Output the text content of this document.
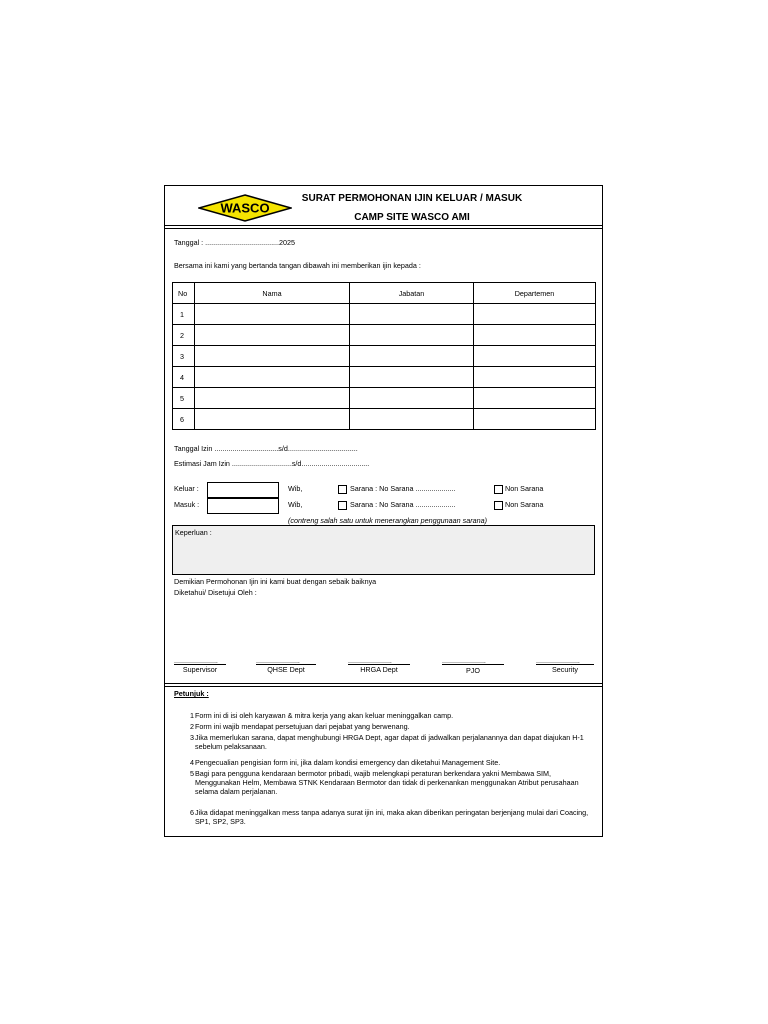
WASCO
SURAT PERMOHONAN IJIN KELUAR / MASUK
CAMP SITE WASCO AMI
Tanggal : .....................................2025
Bersama ini kami yang bertanda tangan dibawah ini memberikan ijin kepada :
No	Nama	Jabatan	Departemen
1			
2			
3			
4			
5			
6			
Tanggal Izin ................................s/d...................................
Estimasi Jam Izin ..............................s/d..................................
Keluar :	Wib,	Sarana : No Sarana ....................	Non Sarana
Masuk :	Wib,	Sarana : No Sarana ....................	Non Sarana
(contreng salah satu untuk menerangkan penggunaan sarana)
Keperluan :
Demikian Permohonan Ijin ini kami buat dengan sebaik baiknya
Diketahui/ Disetujui Oleh :
......................
Supervisor
......................
QHSE Dept
......................
HRGA Dept
......................
PJO
......................
Security
Petunjuk :
1 Form ini di isi oleh karyawan & mitra kerja yang akan keluar meninggalkan camp.
2 Form ini wajib mendapat persetujuan dari pejabat yang berwenang.
3 Jika memerlukan sarana, dapat menghubungi HRGA Dept, agar dapat di jadwalkan perjalanannya dan dapat diajukan H-1 sebelum pelaksanaan.
4 Pengecualian pengisian form ini, jika dalam kondisi emergency dan diketahui Management Site.
5 Bagi para pengguna kendaraan bermotor pribadi, wajib melengkapi peraturan berkendara yakni Membawa SIM, Menggunakan Helm, Membawa STNK Kendaraan Bermotor dan tidak di perkenankan menggunakan Atribut perusahaan selama dalam perjalanan.
6 Jika didapat meninggalkan mess tanpa adanya surat ijin ini, maka akan diberikan peringatan berjenjang mulai dari Coacing, SP1, SP2, SP3.
